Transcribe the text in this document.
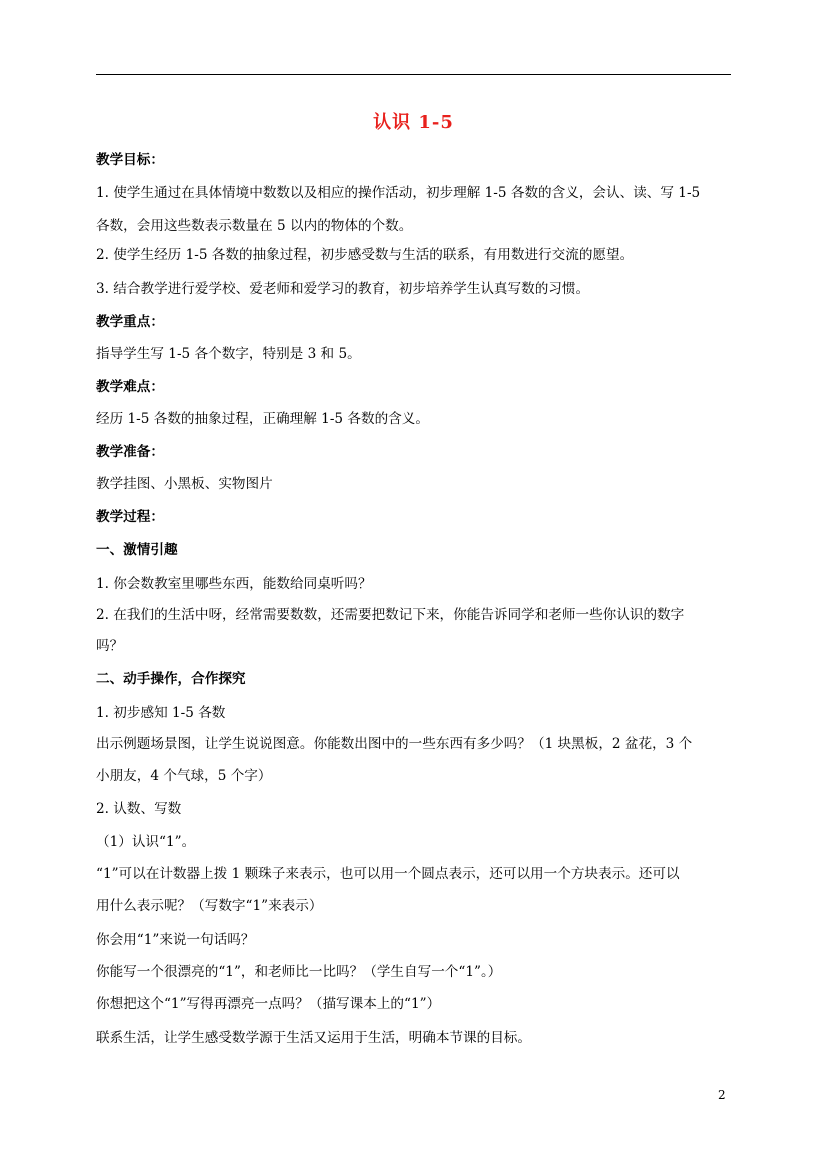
认识 1-5
教学目标：
1. 使学生通过在具体情境中数数以及相应的操作活动，初步理解 1-5 各数的含义，会认、读、写 1-5
各数，会用这些数表示数量在 5 以内的物体的个数。
2. 使学生经历 1-5 各数的抽象过程，初步感受数与生活的联系，有用数进行交流的愿望。
3. 结合教学进行爱学校、爱老师和爱学习的教育，初步培养学生认真写数的习惯。
教学重点：
指导学生写 1-5 各个数字，特别是 3 和 5。
教学难点：
经历 1-5 各数的抽象过程，正确理解 1-5 各数的含义。
教学准备：
教学挂图、小黑板、实物图片
教学过程：
一、激情引趣
1. 你会数教室里哪些东西，能数给同桌听吗？
2. 在我们的生活中呀，经常需要数数，还需要把数记下来，你能告诉同学和老师一些你认识的数字
吗？
二、动手操作，合作探究
1. 初步感知 1-5 各数
出示例题场景图，让学生说说图意。你能数出图中的一些东西有多少吗？（1 块黑板，2 盆花，3 个
小朋友，4 个气球，5 个字）
2. 认数、写数
（1）认识“1”。
“1”可以在计数器上拨 1 颗珠子来表示，也可以用一个圆点表示，还可以用一个方块表示。还可以
用什么表示呢？（写数字“1”来表示）
你会用“1”来说一句话吗？
你能写一个很漂亮的“1”，和老师比一比吗？（学生自写一个“1”。）
你想把这个“1”写得再漂亮一点吗？（描写课本上的“1”）
联系生活，让学生感受数学源于生活又运用于生活，明确本节课的目标。
2
